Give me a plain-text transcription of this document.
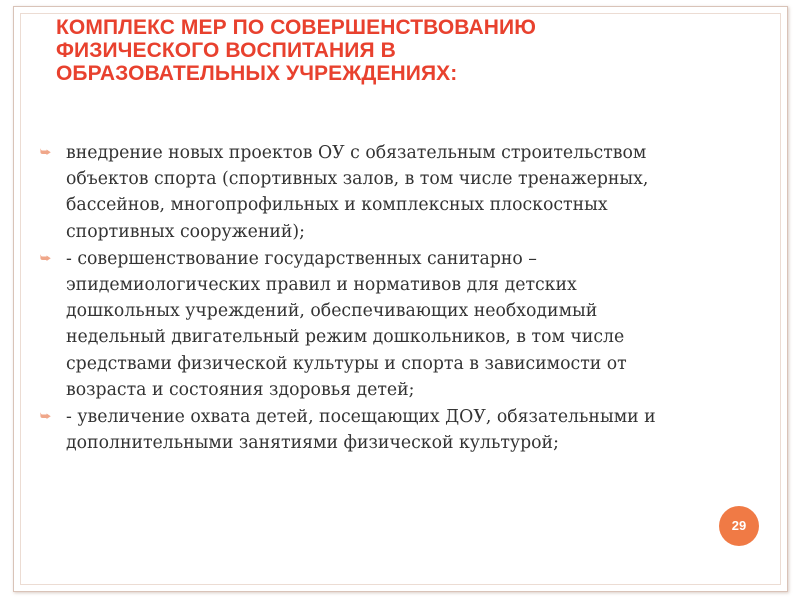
КОМПЛЕКС МЕР ПО СОВЕРШЕНСТВОВАНИЮ
ФИЗИЧЕСКОГО ВОСПИТАНИЯ В
ОБРАЗОВАТЕЛЬНЫХ УЧРЕЖДЕНИЯХ:
⮩ внедрение новых проектов ОУ с обязательным строительством
объектов спорта (спортивных залов, в том числе тренажерных,
бассейнов, многопрофильных и комплексных плоскостных
спортивных сооружений);
⮩ - совершенствование государственных санитарно –
эпидемиологических правил и нормативов для детских
дошкольных учреждений, обеспечивающих необходимый
недельный двигательный режим дошкольников, в том числе
средствами физической культуры и спорта в зависимости от
возраста и состояния здоровья детей;
⮩ - увеличение охвата детей, посещающих ДОУ, обязательными и
дополнительными занятиями физической культурой;
29
